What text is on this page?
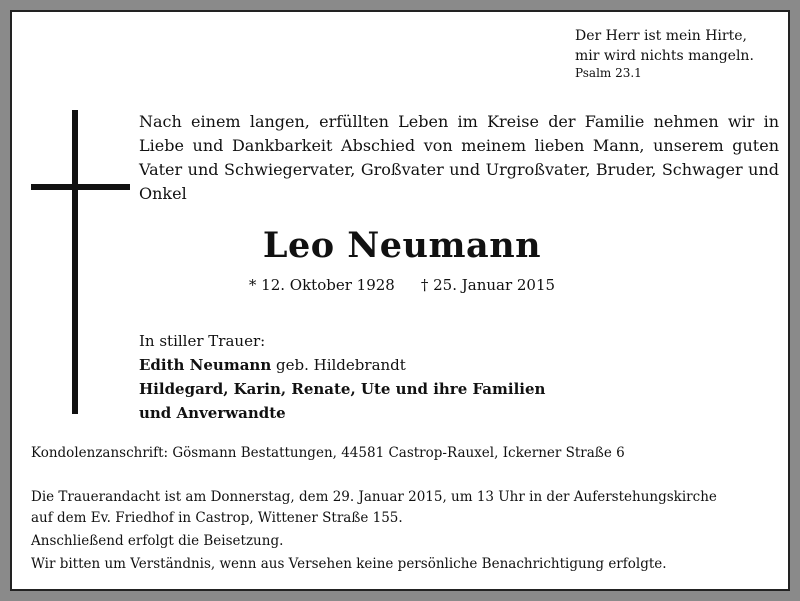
Der Herr ist mein Hirte,
mir wird nichts mangeln.
Psalm 23.1
Nach einem langen, erfüllten Leben im Kreise der Familie nehmen wir in Liebe und Dankbarkeit Abschied von meinem lieben Mann, unserem guten Vater und Schwiegervater, Großvater und Urgroßvater, Bruder, Schwager und Onkel
Leo Neumann
* 12. Oktober 1928 † 25. Januar 2015
In stiller Trauer:
Edith Neumann geb. Hildebrandt
Hildegard, Karin, Renate, Ute und ihre Familien
und Anverwandte
Kondolenzanschrift: Gösmann Bestattungen, 44581 Castrop-Rauxel, Ickerner Straße 6
Die Trauerandacht ist am Donnerstag, dem 29. Januar 2015, um 13 Uhr in der Auferstehungskirche
auf dem Ev. Friedhof in Castrop, Wittener Straße 155.
Anschließend erfolgt die Beisetzung.
Wir bitten um Verständnis, wenn aus Versehen keine persönliche Benachrichtigung erfolgte.
